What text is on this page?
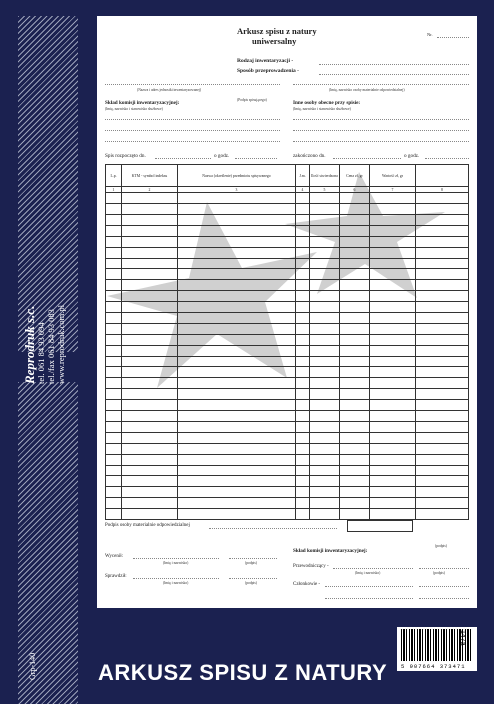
Reprodruk s.c. tel. 061 84 93 094 tel./fax 061 84 93 083 www.reprodruk.com.pl
Grp-140
Arkusz spisu z natury
uniwersalny
Nr.
Rodzaj inwentaryzacji -
Sposób przeprowadzenia -
(Nazwa i adres jednostki inwentaryzowanej)	(Imię, nazwisko osoby materialnie odpowiedzialnej)
Skład komisji inwentaryzacyjnej:
(Imię, nazwisko i stanowisko służbowe)
(Podpis spisującego)	Inne osoby obecne przy spisie:
(Imię, nazwisko i stanowisko służbowe)
Spis rozpoczęto dn.	o godz.	zakończono dn.	o godz.
L.p.	KTM - symbol indeksu	Nazwa (określenie) przedmiotu spisywanego	J.m.	Ilość stwierdzona	Cena zł, gr	Wartość zł, gr	
1	2	3	4	5	6	7	8

Podpis osoby materialnie odpowiedzialnej
Wycenił:
(Imię i nazwisko)	(podpis)
Sprawdził:
(Imię i nazwisko)	(podpis)
(podpis)
Skład komisji inwentaryzacyjnej:
Przewodniczący -
(Imię i nazwisko)	(podpis)
Członkowie -
5 907664 373471
147a
ARKUSZ SPISU Z NATURY
